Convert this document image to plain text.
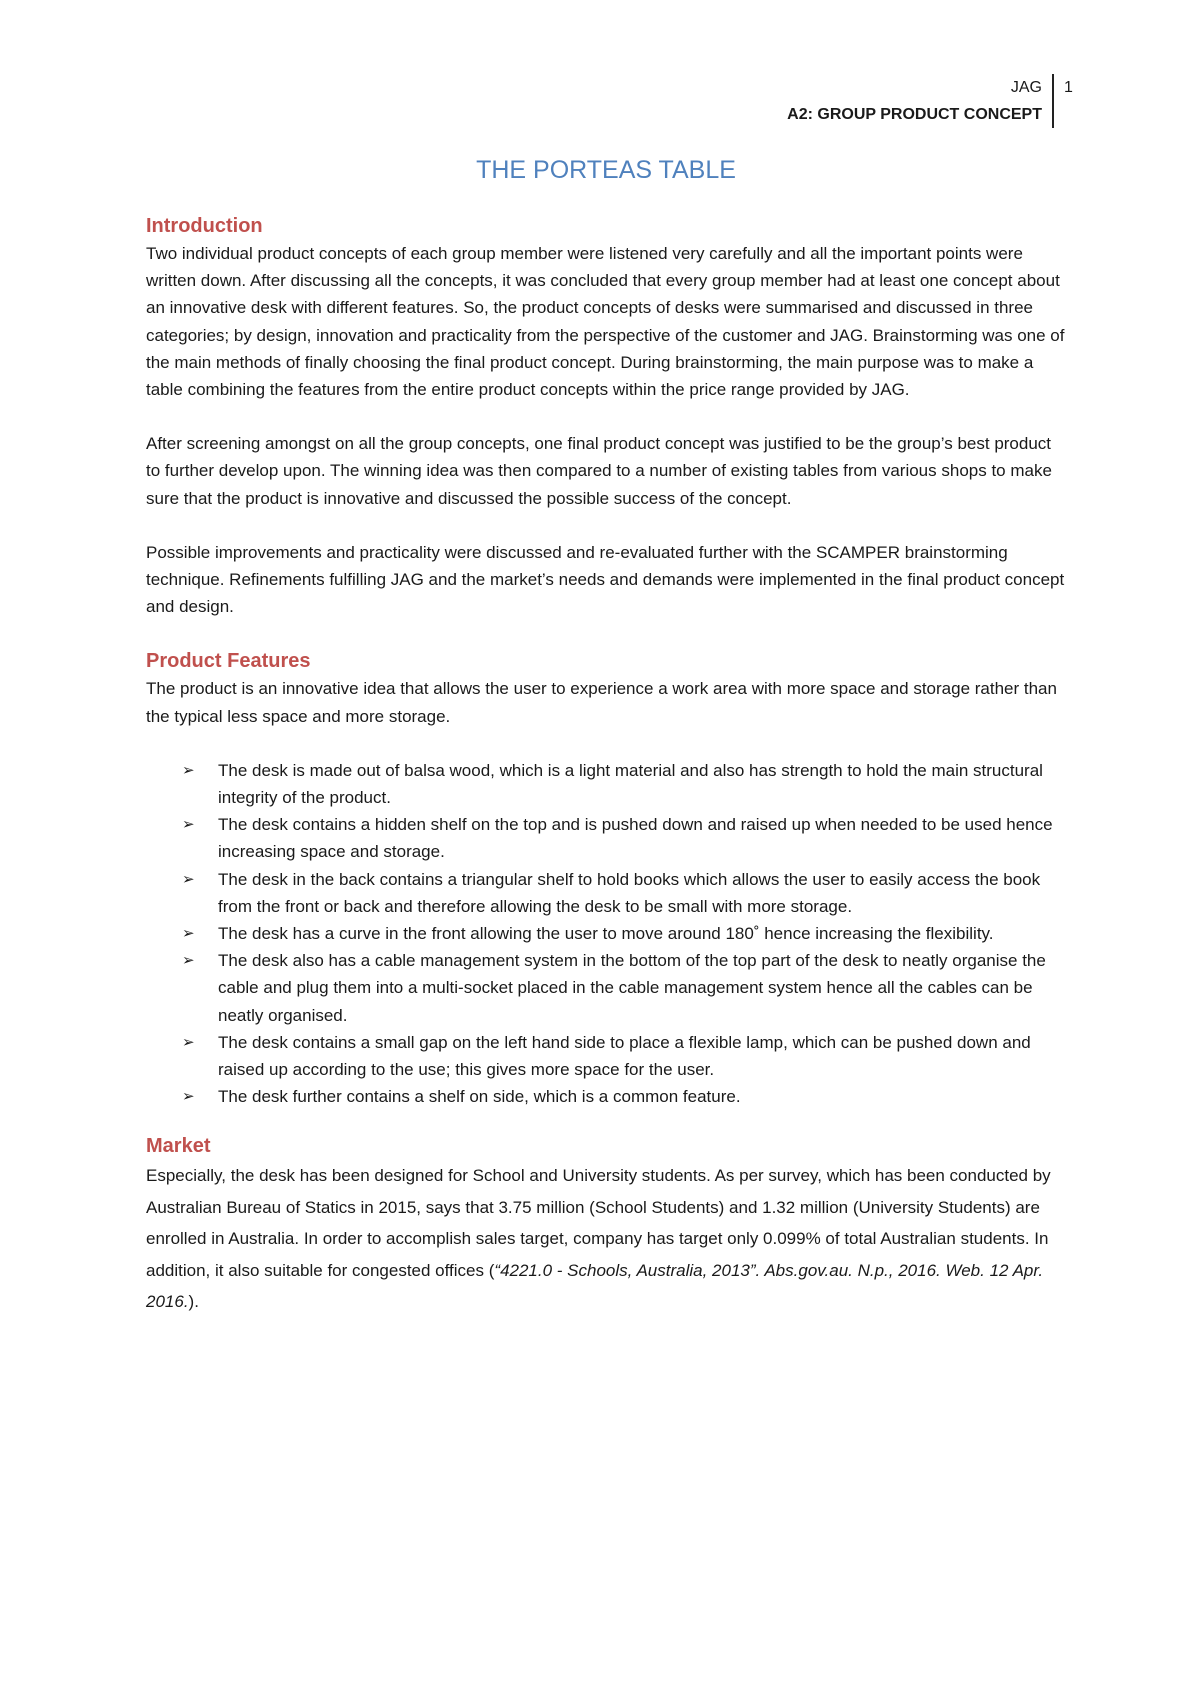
JAG
A2: GROUP PRODUCT CONCEPT
1
THE PORTEAS TABLE
Introduction

Two individual product concepts of each group member were listened very carefully and all the important points were written down. After discussing all the concepts, it was concluded that every group member had at least one concept about an innovative desk with different features. So, the product concepts of desks were summarised and discussed in three categories; by design, innovation and practicality from the perspective of the customer and JAG. Brainstorming was one of the main methods of finally choosing the final product concept. During brainstorming, the main purpose was to make a table combining the features from the entire product concepts within the price range provided by JAG.

After screening amongst on all the group concepts, one final product concept was justified to be the group’s best product to further develop upon. The winning idea was then compared to a number of existing tables from various shops to make sure that the product is innovative and discussed the possible success of the concept.

Possible improvements and practicality were discussed and re-evaluated further with the SCAMPER brainstorming technique. Refinements fulfilling JAG and the market’s needs and demands were implemented in the final product concept and design.

Product Features

The product is an innovative idea that allows the user to experience a work area with more space and storage rather than the typical less space and more storage.

➢ The desk is made out of balsa wood, which is a light material and also has strength to hold the main structural integrity of the product.
➢ The desk contains a hidden shelf on the top and is pushed down and raised up when needed to be used hence increasing space and storage.
➢ The desk in the back contains a triangular shelf to hold books which allows the user to easily access the book from the front or back and therefore allowing the desk to be small with more storage.
➢ The desk has a curve in the front allowing the user to move around 180˚ hence increasing the flexibility.
➢ The desk also has a cable management system in the bottom of the top part of the desk to neatly organise the cable and plug them into a multi-socket placed in the cable management system hence all the cables can be neatly organised.
➢ The desk contains a small gap on the left hand side to place a flexible lamp, which can be pushed down and raised up according to the use; this gives more space for the user.
➢ The desk further contains a shelf on side, which is a common feature.
Market

Especially, the desk has been designed for School and University students. As per survey, which has been conducted by Australian Bureau of Statics in 2015, says that 3.75 million (School Students) and 1.32 million (University Students) are enrolled in Australia. In order to accomplish sales target, company has target only 0.099% of total Australian students. In addition, it also suitable for congested offices (“4221.0 - Schools, Australia, 2013”. Abs.gov.au. N.p., 2016. Web. 12 Apr. 2016.).
